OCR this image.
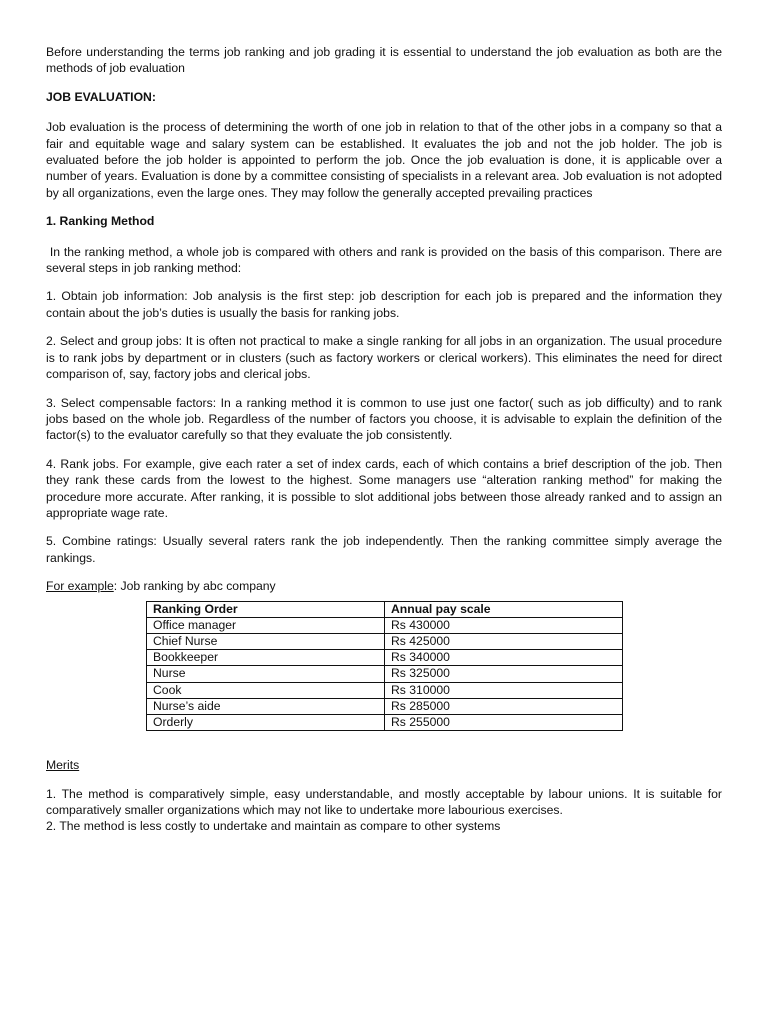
Before understanding the terms job ranking and job grading it is essential to understand the job evaluation as both are the methods of job evaluation

JOB EVALUATION:

Job evaluation is the process of determining the worth of one job in relation to that of the other jobs in a company so that a fair and equitable wage and salary system can be established. It evaluates the job and not the job holder. The job is evaluated before the job holder is appointed to perform the job. Once the job evaluation is done, it is applicable over a number of years. Evaluation is done by a committee consisting of specialists in a relevant area. Job evaluation is not adopted by all organizations, even the large ones. They may follow the generally accepted prevailing practices

1. Ranking Method

In the ranking method, a whole job is compared with others and rank is provided on the basis of this comparison. There are several steps in job ranking method:

1. Obtain job information: Job analysis is the first step: job description for each job is prepared and the information they contain about the job’s duties is usually the basis for ranking jobs.

2. Select and group jobs: It is often not practical to make a single ranking for all jobs in an organization. The usual procedure is to rank jobs by department or in clusters (such as factory workers or clerical workers). This eliminates the need for direct comparison of, say, factory jobs and clerical jobs.

3. Select compensable factors: In a ranking method it is common to use just one factor( such as job difficulty) and to rank jobs based on the whole job. Regardless of the number of factors you choose, it is advisable to explain the definition of the factor(s) to the evaluator carefully so that they evaluate the job consistently.

4. Rank jobs. For example, give each rater a set of index cards, each of which contains a brief description of the job. Then they rank these cards from the lowest to the highest. Some managers use “alteration ranking method” for making the procedure more accurate. After ranking, it is possible to slot additional jobs between those already ranked and to assign an appropriate wage rate.

5. Combine ratings: Usually several raters rank the job independently. Then the ranking committee simply average the rankings.

For example: Job ranking by abc company

Ranking Order	Annual pay scale
Office manager	Rs 430000
Chief Nurse	Rs 425000
Bookkeeper	Rs 340000
Nurse	Rs 325000
Cook	Rs 310000
Nurse’s aide	Rs 285000
Orderly	Rs 255000

Merits

1. The method is comparatively simple, easy understandable, and mostly acceptable by labour unions. It is suitable for comparatively smaller organizations which may not like to undertake more labourious exercises.

2. The method is less costly to undertake and maintain as compare to other systems
